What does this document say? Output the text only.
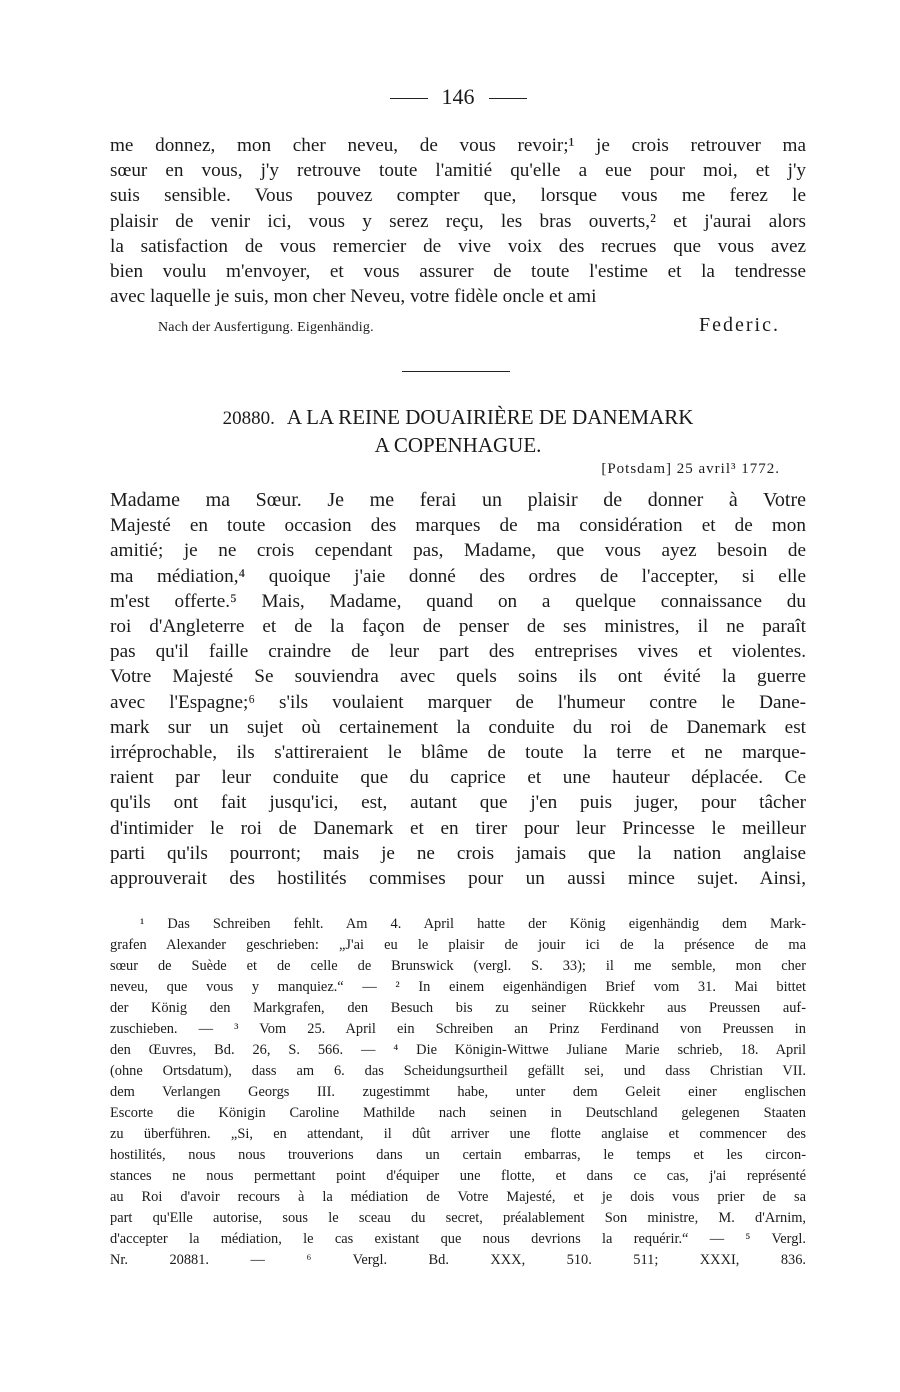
146
me donnez, mon cher neveu, de vous revoir;¹ je crois retrouver ma
sœur en vous, j'y retrouve toute l'amitié qu'elle a eue pour moi, et j'y
suis sensible. Vous pouvez compter que, lorsque vous me ferez le
plaisir de venir ici, vous y serez reçu, les bras ouverts,² et j'aurai alors
la satisfaction de vous remercier de vive voix des recrues que vous avez
bien voulu m'envoyer, et vous assurer de toute l'estime et la tendresse
avec laquelle je suis, mon cher Neveu, votre fidèle oncle et ami
Nach der Ausfertigung. Eigenhändig.	Federic.
20880. A LA REINE DOUAIRIÈRE DE DANEMARK
A COPENHAGUE.
[Potsdam] 25 avril³ 1772.
Madame ma Sœur. Je me ferai un plaisir de donner à Votre
Majesté en toute occasion des marques de ma considération et de mon
amitié; je ne crois cependant pas, Madame, que vous ayez besoin de
ma médiation,⁴ quoique j'aie donné des ordres de l'accepter, si elle
m'est offerte.⁵ Mais, Madame, quand on a quelque connaissance du
roi d'Angleterre et de la façon de penser de ses ministres, il ne paraît
pas qu'il faille craindre de leur part des entreprises vives et violentes.
Votre Majesté Se souviendra avec quels soins ils ont évité la guerre
avec l'Espagne;⁶ s'ils voulaient marquer de l'humeur contre le Dane-
mark sur un sujet où certainement la conduite du roi de Danemark est
irréprochable, ils s'attireraient le blâme de toute la terre et ne marque-
raient par leur conduite que du caprice et une hauteur déplacée. Ce
qu'ils ont fait jusqu'ici, est, autant que j'en puis juger, pour tâcher
d'intimider le roi de Danemark et en tirer pour leur Princesse le meilleur
parti qu'ils pourront; mais je ne crois jamais que la nation anglaise
approuverait des hostilités commises pour un aussi mince sujet. Ainsi,
¹ Das Schreiben fehlt. Am 4. April hatte der König eigenhändig dem Mark-
grafen Alexander geschrieben: „J'ai eu le plaisir de jouir ici de la présence de ma
sœur de Suède et de celle de Brunswick (vergl. S. 33); il me semble, mon cher
neveu, que vous y manquiez.“ — ² In einem eigenhändigen Brief vom 31. Mai bittet
der König den Markgrafen, den Besuch bis zu seiner Rückkehr aus Preussen auf-
zuschieben. — ³ Vom 25. April ein Schreiben an Prinz Ferdinand von Preussen in
den Œuvres, Bd. 26, S. 566. — ⁴ Die Königin-Wittwe Juliane Marie schrieb, 18. April
(ohne Ortsdatum), dass am 6. das Scheidungsurtheil gefällt sei, und dass Christian VII.
dem Verlangen Georgs III. zugestimmt habe, unter dem Geleit einer englischen
Escorte die Königin Caroline Mathilde nach seinen in Deutschland gelegenen Staaten
zu überführen. „Si, en attendant, il dût arriver une flotte anglaise et commencer des
hostilités, nous nous trouverions dans un certain embarras, le temps et les circon-
stances ne nous permettant point d'équiper une flotte, et dans ce cas, j'ai représenté
au Roi d'avoir recours à la médiation de Votre Majesté, et je dois vous prier de sa
part qu'Elle autorise, sous le sceau du secret, préalablement Son ministre, M. d'Arnim,
d'accepter la médiation, le cas existant que nous devrions la requérir.“ — ⁵ Vergl.
Nr. 20881. — ⁶ Vergl. Bd. XXX, 510. 511; XXXI, 836.
